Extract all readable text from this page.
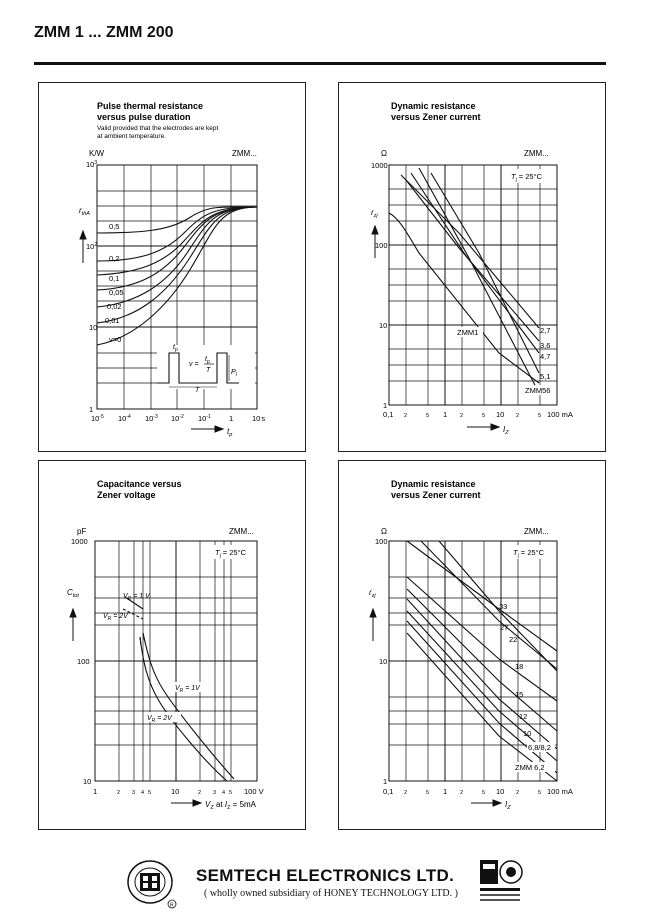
ZMM 1 ... ZMM 200
Pulse thermal resistance
versus pulse duration
Valid provided that the electrodes are kept
at ambient temperature.
K/W	ZMM...
0,5
0,2
0,1
0,05
0,02
0,01
v=0
$t_p$
v =
$t_p$
T
T
$P_I$
$10^3$
$10^2$
10
1
$r_{thA}$
$10^{-5}$ $10^{-4}$ $10^{-3}$ $10^{-2}$ $10^{-1}$ 1	10s
$t_p$
Dynamic resistance
versus Zener current
Ω	ZMM...
$T_j = 25^\circ C$
ZMM1	2,7
3,6
4,7
5,1
ZMM56
1000
100
10
1
$r_{zj}$
0,1 2	5 1 2	5 10 2	5 100 mA
$I_Z$
Capacitance versus
Zener voltage
pF	ZMM...
$T_j = 25^\circ C$
$V_R = 1$ V
$V_R = 2V$
$V_R = 1V$
$V_R = 2V$
1000
100
10
$C_{tot}$
1	2 3 4 5	10	2 3 4 5 100 V
$V_Z$ at $I_Z = 5mA$
Dynamic resistance
versus Zener current
Ω	ZMM...
$T_j = 25^\circ C$
33
27
22
18
15
12
10
6,8/8,2
ZMM 6,2
100
10
1
$r_{zj}$
0,1 2	5 1 2	5 10 2	5 100 mA
$I_Z$
R
SEMTECH ELECTRONICS LTD.
( wholly owned subsidiary of HONEY TECHNOLOGY LTD. )
